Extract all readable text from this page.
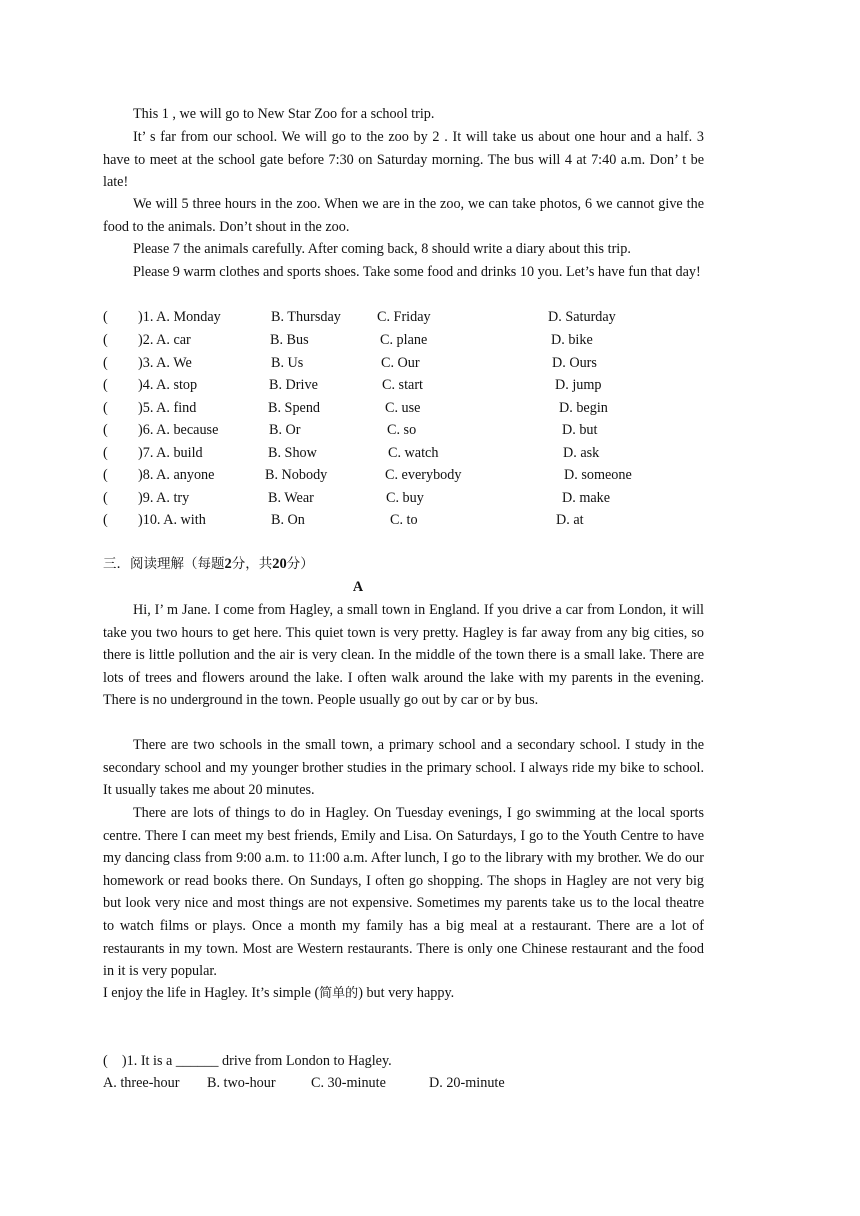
This 1 , we will go to New Star Zoo for a school trip.

It’ s far from our school. We will go to the zoo by 2 . It will take us about one hour and a half. 3 have to meet at the school gate before 7:30 on Saturday morning. The bus will 4 at 7:40 a.m. Don’ t be late!

We will 5 three hours in the zoo. When we are in the zoo, we can take photos, 6 we cannot give the food to the animals. Don’t shout in the zoo.

Please 7 the animals carefully. After coming back, 8 should write a diary about this trip.

Please 9 warm clothes and sports shoes. Take some food and drinks 10 you. Let’s have fun that day!

( )1. A. Monday	B. Thursday	C. Friday	D. Saturday
( )2. A. car	B. Bus	C. plane	D. bike
( )3. A. We	B. Us	C. Our	D. Ours
( )4. A. stop	B. Drive	C. start	D. jump
( )5. A. find	B. Spend	C. use	D. begin
( )6. A. because	B. Or	C. so	D. but
( )7. A. build	B. Show	C. watch	D. ask
( )8. A. anyone	B. Nobody	C. everybody	D. someone
( )9. A. try	B. Wear	C. buy	D. make
( )10. A. with	B. On	C. to	D. at
三．阅读理解（每题2分，共20分）
A

Hi, I’ m Jane. I come from Hagley, a small town in England. If you drive a car from London, it will take you two hours to get here. This quiet town is very pretty. Hagley is far away from any big cities, so there is little pollution and the air is very clean. In the middle of the town there is a small lake. There are lots of trees and flowers around the lake. I often walk around the lake with my parents in the evening. There is no underground in the town. People usually go out by car or by bus.

There are two schools in the small town, a primary school and a secondary school. I study in the secondary school and my younger brother studies in the primary school. I always ride my bike to school. It usually takes me about 20 minutes.

There are lots of things to do in Hagley. On Tuesday evenings, I go swimming at the local sports centre. There I can meet my best friends, Emily and Lisa. On Saturdays, I go to the Youth Centre to have my dancing class from 9:00 a.m. to 11:00 a.m. After lunch, I go to the library with my brother. We do our homework or read books there. On Sundays, I often go shopping. The shops in Hagley are not very big but look very nice and most things are not expensive. Sometimes my parents take us to the local theatre to watch films or plays. Once a month my family has a big meal at a restaurant. There are a lot of restaurants in my town. Most are Western restaurants. There is only one Chinese restaurant and the food in it is very popular.

I enjoy the life in Hagley. It’s simple (简单的) but very happy.

(    )1. It is a ______ drive from London to Hagley.
A. three-hour B. two-hour C. 30-minute	D. 20-minute
